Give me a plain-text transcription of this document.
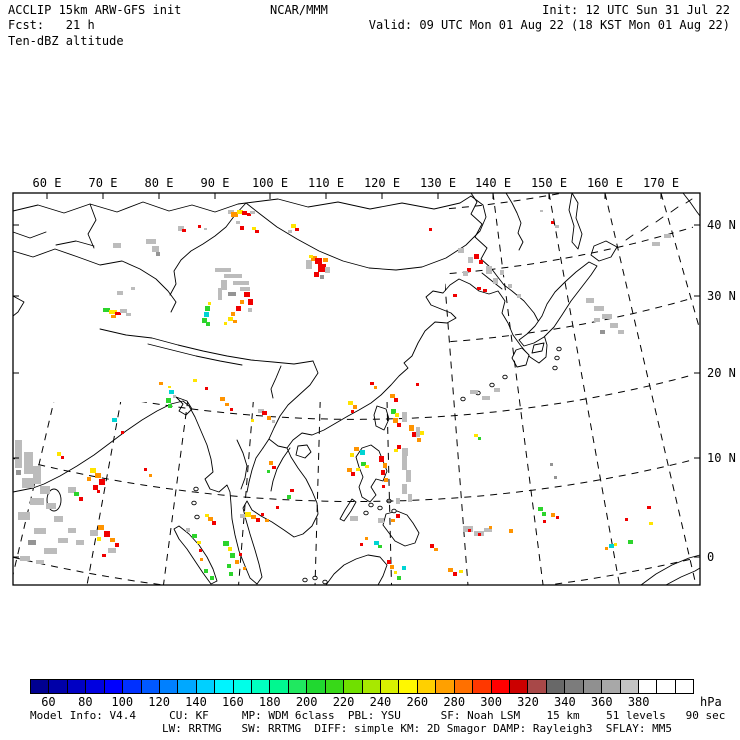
ACCLIP 15km ARW-GFS init	NCAR/MMM	Init: 12 UTC Sun 31 Jul 22
Fcst:   21 h	Valid: 09 UTC Mon 01 Aug 22 (18 KST Mon 01 Aug 22)
Ten-dBZ altitude
60 E 70 E 80 E 90 E 100 E 110 E 120 E 130 E 140 E 150 E 160 E 170 E
40 N
30 N
20 N
10 N
0
60	80	100	120	140	160	180	200	220	240	260	280	300	320	340	360	380	hPa
Model Info: V4.4     CU: KF     MP: WDM 6class  PBL: YSU      SF: Noah LSM    15 km    51 levels   90 sec
LW: RRTMG   SW: RRTMG  DIFF: simple KM: 2D Smagor DAMP: Rayleigh3  SFLAY: MM5
